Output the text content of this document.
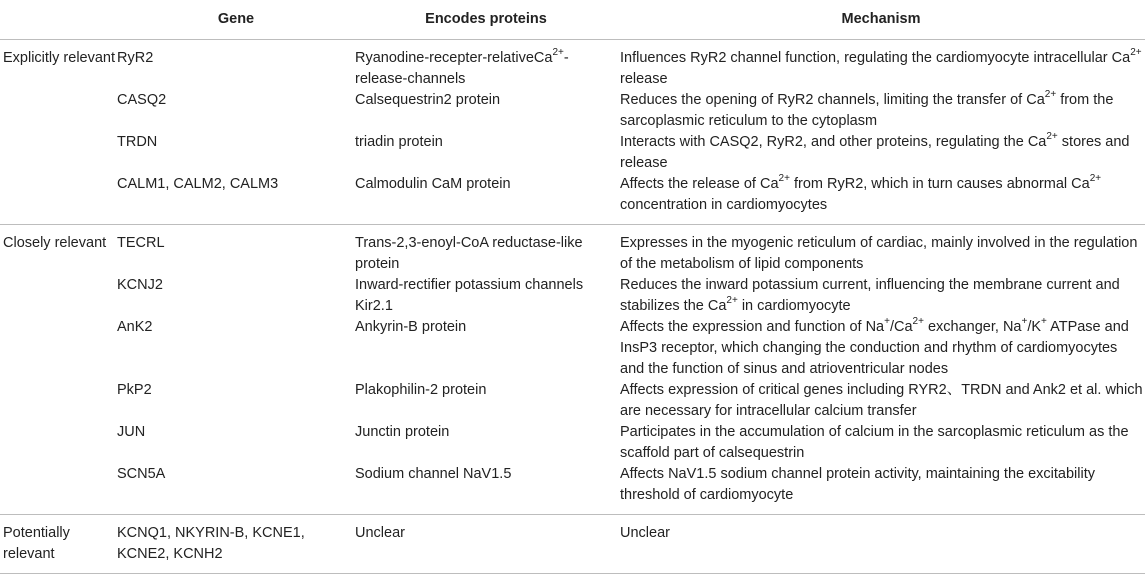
	Gene	Encodes proteins	Mechanism
Explicitly relevant	RyR2	Ryanodine-recepter-relativeCa$^{2+}$-release-channels	Influences RyR2 channel function, regulating the cardiomyocyte intracellular $Ca^{2+}$ release
	CASQ2	Calsequestrin2 protein	Reduces the opening of RyR2 channels, limiting the transfer of $Ca^{2+}$ from the sarcoplasmic reticulum to the cytoplasm
	TRDN	triadin protein	Interacts with CASQ2, RyR2, and other proteins, regulating the $Ca^{2+}$ stores and release
	CALM1, CALM2, CALM3	Calmodulin CaM protein	Affects the release of $Ca^{2+}$ from RyR2, which in turn causes abnormal $Ca^{2+}$ concentration in cardiomyocytes
Closely relevant	TECRL	Trans-2,3-enoyl-CoA reductase-like protein	Expresses in the myogenic reticulum of cardiac, mainly involved in the regulation of the metabolism of lipid components
	KCNJ2	Inward-rectifier potassium channels Kir2.1	Reduces the inward potassium current, influencing the membrane current and stabilizes the $Ca^{2+}$ in cardiomyocyte
	AnK2	Ankyrin-B protein	Affects the expression and function of $Na^+/Ca^{2+}$ exchanger, Na+/K+ ATPase and InsP3 receptor, which changing the conduction and rhythm of cardiomyocytes and the function of sinus and atrioventricular nodes
	PkP2	Plakophilin-2 protein	Affects expression of critical genes including RYR2、TRDN and Ank2 et al. which are necessary for intracellular calcium transfer
	JUN	Junctin protein	Participates in the accumulation of calcium in the sarcoplasmic reticulum as the scaffold part of calsequestrin
	SCN5A	Sodium channel NaV1.5	Affects NaV1.5 sodium channel protein activity, maintaining the excitability threshold of cardiomyocyte
Potentially relevant	KCNQ1, NKYRIN-B, KCNE1, KCNE2, KCNH2	Unclear	Unclear
